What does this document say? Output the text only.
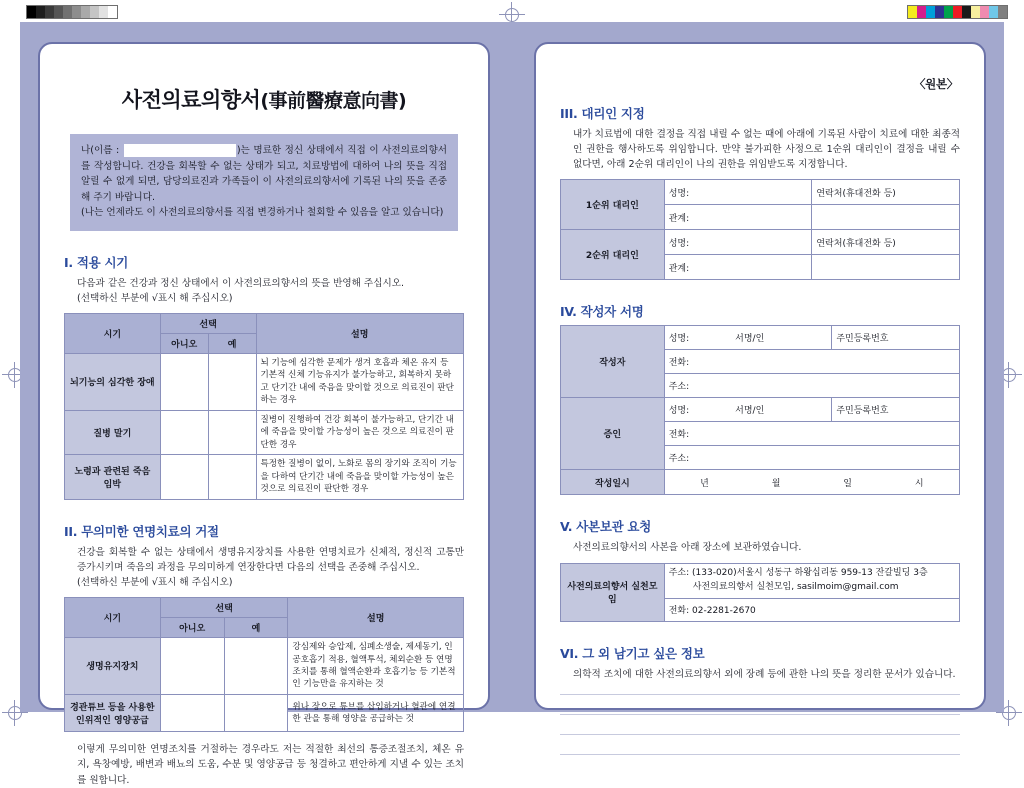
사전의료의향서(事前醫療意向書)
나(이름 :	)는 명료한 정신 상태에서 직접 이 사전의료의향서를 작성합니다. 건강을 회복할 수 없는 상태가 되고, 치료방법에 대하여 나의 뜻을 직접 알릴 수 없게 되면, 담당의료진과 가족들이 이 사전의료의향서에 기록된 나의 뜻을 존중해 주기 바랍니다.
(나는 언제라도 이 사전의료의향서를 직접 변경하거나 철회할 수 있음을 알고 있습니다)
I. 적용 시기
다음과 같은 건강과 정신 상태에서 이 사전의료의향서의 뜻을 반영해 주십시오.
(선택하신 부분에 √표시 해 주십시오)
시기	선택		설명
	아니오	예	
뇌기능의 심각한 장애			뇌 기능에 심각한 문제가 생겨 호흡과 체온 유지 등 기본적 신체 기능유지가 불가능하고, 회복하지 못하고 단기간 내에 죽음을 맞이할 것으로 의료진이 판단하는 경우
질병 말기			질병이 진행하여 건강 회복이 불가능하고, 단기간 내에 죽음을 맞이할 가능성이 높은 것으로 의료진이 판단한 경우
노령과 관련된 죽음 임박			특정한 질병이 없이, 노화로 몸의 장기와 조직이 기능을 다하여 단기간 내에 죽음을 맞이할 가능성이 높은 것으로 의료진이 판단한 경우
II. 무의미한 연명치료의 거절
건강을 회복할 수 없는 상태에서 생명유지장치를 사용한 연명치료가 신체적, 정신적 고통만 증가시키며 죽음의 과정을 무의미하게 연장한다면 다음의 선택을 존중해 주십시오.
(선택하신 부분에 √표시 해 주십시오)
시기	선택		설명
	아니오	예	
생명유지장치			강심제와 승압제, 심폐소생술, 제세동기, 인공호흡기 적용, 혈액투석, 체외순환 등 연명조치를 통해 혈액순환과 호흡기능 등 기본적인 기능만을 유지하는 것
경관튜브 등을 사용한 인위적인 영양공급			위나 장으로 튜브를 삽입하거나 혈관에 연결한 관을 통해 영양을 공급하는 것
이렇게 무의미한 연명조치를 거절하는 경우라도 저는 적절한 최선의 통증조절조치, 체온 유지, 욕창예방, 배변과 배뇨의 도움, 수분 및 영양공급 등 청결하고 편안하게 지낼 수 있는 조치를 원합니다.
〈원본〉
III. 대리인 지정
내가 치료법에 대한 결정을 직접 내릴 수 없는 때에 아래에 기록된 사람이 치료에 대한 최종적인 권한을 행사하도록 위임합니다. 만약 불가피한 사정으로 1순위 대리인이 결정을 내릴 수 없다면, 아래 2순위 대리인이 나의 권한을 위임받도록 지정합니다.
1순위 대리인	성명:	연락처(휴대전화 등)
	관계:	
2순위 대리인	성명:	연락처(휴대전화 등)
	관계:	
IV. 작성자 서명
작성자	성명: 서명/인	주민등록번호
	전화:	
	주소:	
증인	성명: 서명/인	주민등록번호
	전화:	
	주소:	
작성일시	년 월 일 시	
V. 사본보관 요청
사전의료의향서의 사본을 아래 장소에 보관하였습니다.
사전의료의향서 실천모임	주소: (133-020)서울시 성동구 하왕십리동 959-13 잔갈빌딩 3층
사전의료의향서 실천모임, sasilmoim@gmail.com

전화: 02-2281-2670
VI. 그 외 남기고 싶은 정보
의학적 조치에 대한 사전의료의향서 외에 장례 등에 관한 나의 뜻을 정리한 문서가 있습니다.
